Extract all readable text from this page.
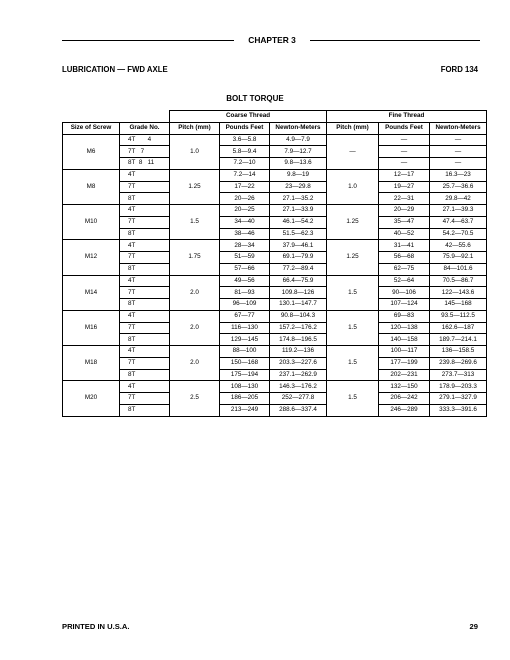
CHAPTER 3
LUBRICATION — FWD AXLE	FORD 134
BOLT TORQUE
		Coarse Thread			Fine Thread		
Size of Screw	Grade No.	Pitch (mm)	Pounds Feet	Newton-Meters	Pitch (mm)	Pounds Feet	Newton-Meters
M6	4T       4	1.0	3.6—5.8	4.9—7.9	—	—	—
	7T   7		5.8—9.4	7.9—12.7		—	—
	8T  8   11		7.2—10	9.8—13.6		—	—
M8	4T	1.25	7.2—14	9.8—19	1.0	12—17	16.3—23
	7T		17—22	23—29.8		19—27	25.7—36.6
	8T		20—26	27.1—35.2		22—31	29.8—42
M10	4T	1.5	20—25	27.1—33.9	1.25	20—29	27.1—39.3
	7T		34—40	46.1—54.2		35—47	47.4—63.7
	8T		38—46	51.5—62.3		40—52	54.2—70.5
M12	4T	1.75	28—34	37.9—46.1	1.25	31—41	42—55.6
	7T		51—59	69.1—79.9		56—68	75.9—92.1
	8T		57—66	77.2—89.4		62—75	84—101.6
M14	4T	2.0	49—56	66.4—75.9	1.5	52—64	70.5—86.7
	7T		81—93	109.8—126		90—106	122—143.6
	8T		96—109	130.1—147.7		107—124	145—168
M16	4T	2.0	67—77	90.8—104.3	1.5	69—83	93.5—112.5
	7T		116—130	157.2—176.2		120—138	162.6—187
	8T		129—145	174.8—196.5		140—158	189.7—214.1
M18	4T	2.0	88—100	119.2—136	1.5	100—117	136—158.5
	7T		150—168	203.3—227.6		177—199	239.8—269.6
	8T		175—194	237.1—262.9		202—231	273.7—313
M20	4T	2.5	108—130	146.3—176.2	1.5	132—150	178.9—203.3
	7T		186—205	252—277.8		206—242	279.1—327.9
	8T		213—249	288.6—337.4		246—289	333.3—391.6
PRINTED IN U.S.A.	29
